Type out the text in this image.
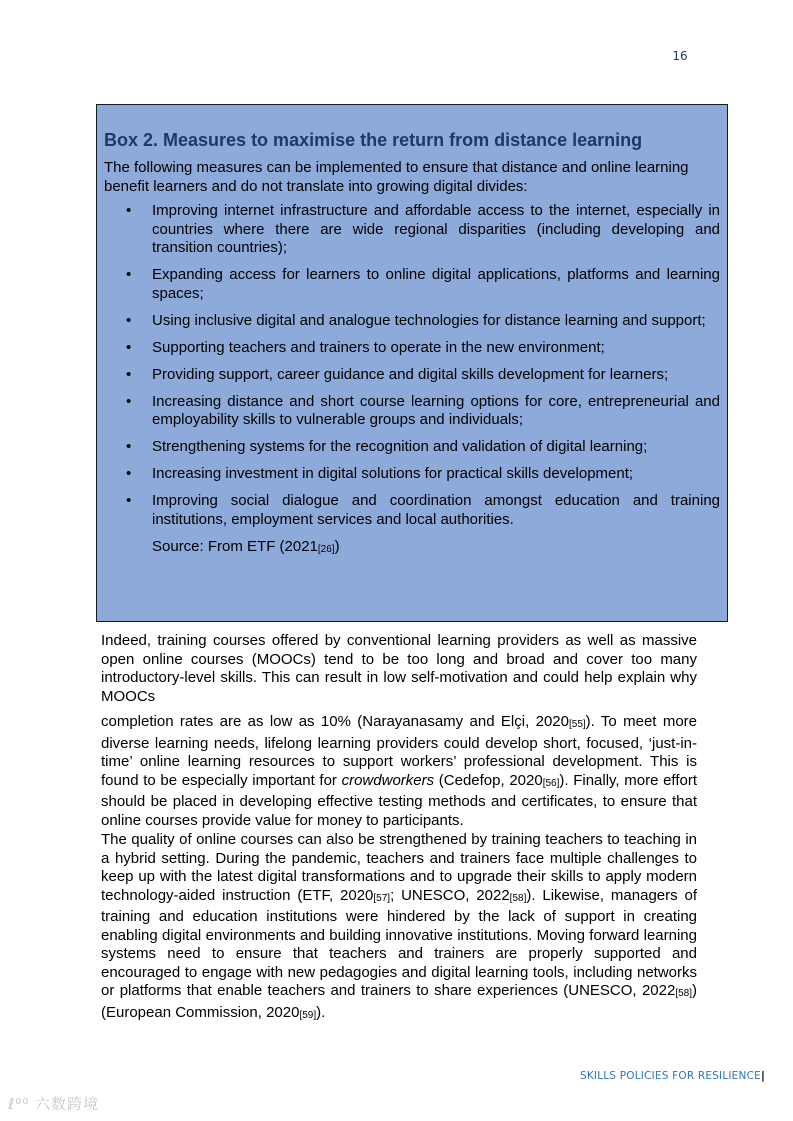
16
Box 2. Measures to maximise the return from distance learning

The following measures can be implemented to ensure that distance and online learning benefit learners and do not translate into growing digital divides:

• Improving internet infrastructure and affordable access to the internet, especially in countries where there are wide regional disparities (including developing and transition countries);
• Expanding access for learners to online digital applications, platforms and learning spaces;
• Using inclusive digital and analogue technologies for distance learning and support;
• Supporting teachers and trainers to operate in the new environment;
• Providing support, career guidance and digital skills development for learners;
• Increasing distance and short course learning options for core, entrepreneurial and employability skills to vulnerable groups and individuals;
• Strengthening systems for the recognition and validation of digital learning;
• Increasing investment in digital solutions for practical skills development;
• Improving social dialogue and coordination amongst education and training institutions, employment services and local authorities.

Source: From ETF (2021[26])

Indeed, training courses offered by conventional learning providers as well as massive open online courses (MOOCs) tend to be too long and broad and cover too many introductory-level skills. This can result in low self-motivation and could help explain why MOOCs

completion rates are as low as 10% (Narayanasamy and Elçi, 2020[55]). To meet more diverse learning needs, lifelong learning providers could develop short, focused, ‘just-in-time’ online learning resources to support workers’ professional development. This is found to be especially important for crowdworkers (Cedefop, 2020[56]). Finally, more effort should be placed in developing effective testing methods and certificates, to ensure that online courses provide value for money to participants.

The quality of online courses can also be strengthened by training teachers to teaching in a hybrid setting. During the pandemic, teachers and trainers face multiple challenges to keep up with the latest digital transformations and to upgrade their skills to apply modern technology-aided instruction (ETF, 2020[57]; UNESCO, 2022[58]). Likewise, managers of training and education institutions were hindered by the lack of support in creating enabling digital environments and building innovative institutions. Moving forward learning systems need to ensure that teachers and trainers are properly supported and encouraged to engage with new pedagogies and digital learning tools, including networks or platforms that enable teachers and trainers to share experiences (UNESCO, 2022[58]) (European Commission, 2020[59]).

SKILLS POLICIES FOR RESILIENCE|
ℓ⁰⁰ 六数跨境
